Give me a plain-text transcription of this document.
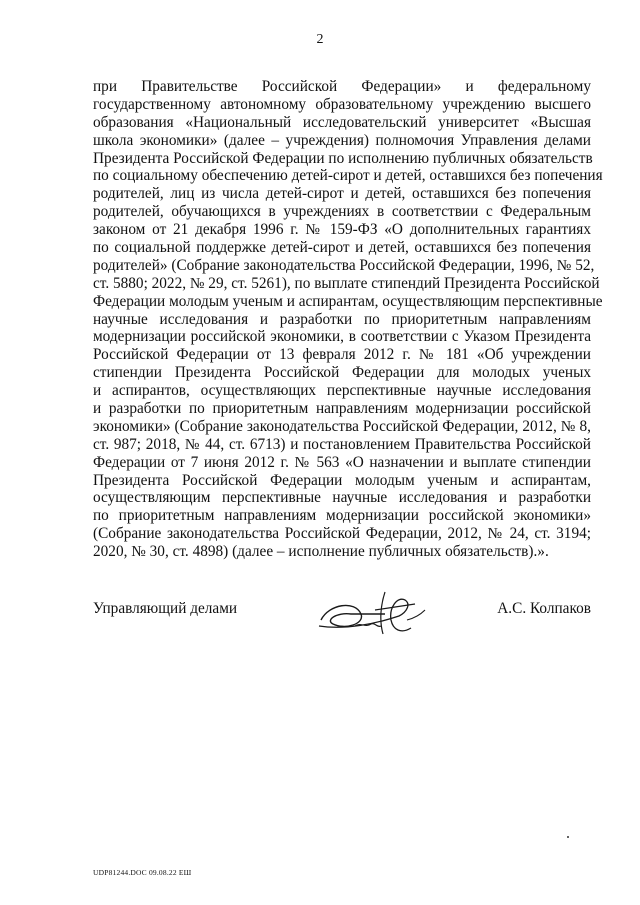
2
при Правительстве Российской Федерации» и федеральному
государственному автономному образовательному учреждению высшего
образования «Национальный исследовательский университет «Высшая
школа экономики» (далее – учреждения) полномочия Управления делами
Президента Российской Федерации по исполнению публичных обязательств
по социальному обеспечению детей-сирот и детей, оставшихся без попечения
родителей, лиц из числа детей-сирот и детей, оставшихся без попечения
родителей, обучающихся в учреждениях в соответствии с Федеральным
законом от 21 декабря 1996 г. № 159-ФЗ «О дополнительных гарантиях
по социальной поддержке детей-сирот и детей, оставшихся без попечения
родителей» (Собрание законодательства Российской Федерации, 1996, № 52,
ст. 5880; 2022, № 29, ст. 5261), по выплате стипендий Президента Российской
Федерации молодым ученым и аспирантам, осуществляющим перспективные
научные исследования и разработки по приоритетным направлениям
модернизации российской экономики, в соответствии с Указом Президента
Российской Федерации от 13 февраля 2012 г. № 181 «Об учреждении
стипендии Президента Российской Федерации для молодых ученых
и аспирантов, осуществляющих перспективные научные исследования
и разработки по приоритетным направлениям модернизации российской
экономики» (Собрание законодательства Российской Федерации, 2012, № 8,
ст. 987; 2018, № 44, ст. 6713) и постановлением Правительства Российской
Федерации от 7 июня 2012 г. № 563 «О назначении и выплате стипендии
Президента Российской Федерации молодым ученым и аспирантам,
осуществляющим перспективные научные исследования и разработки
по приоритетным направлениям модернизации российской экономики»
(Собрание законодательства Российской Федерации, 2012, № 24, ст. 3194;
2020, № 30, ст. 4898) (далее – исполнение публичных обязательств).».
Управляющий делами	А.С. Колпаков
UDP81244.DOC 09.08.22 EШ
